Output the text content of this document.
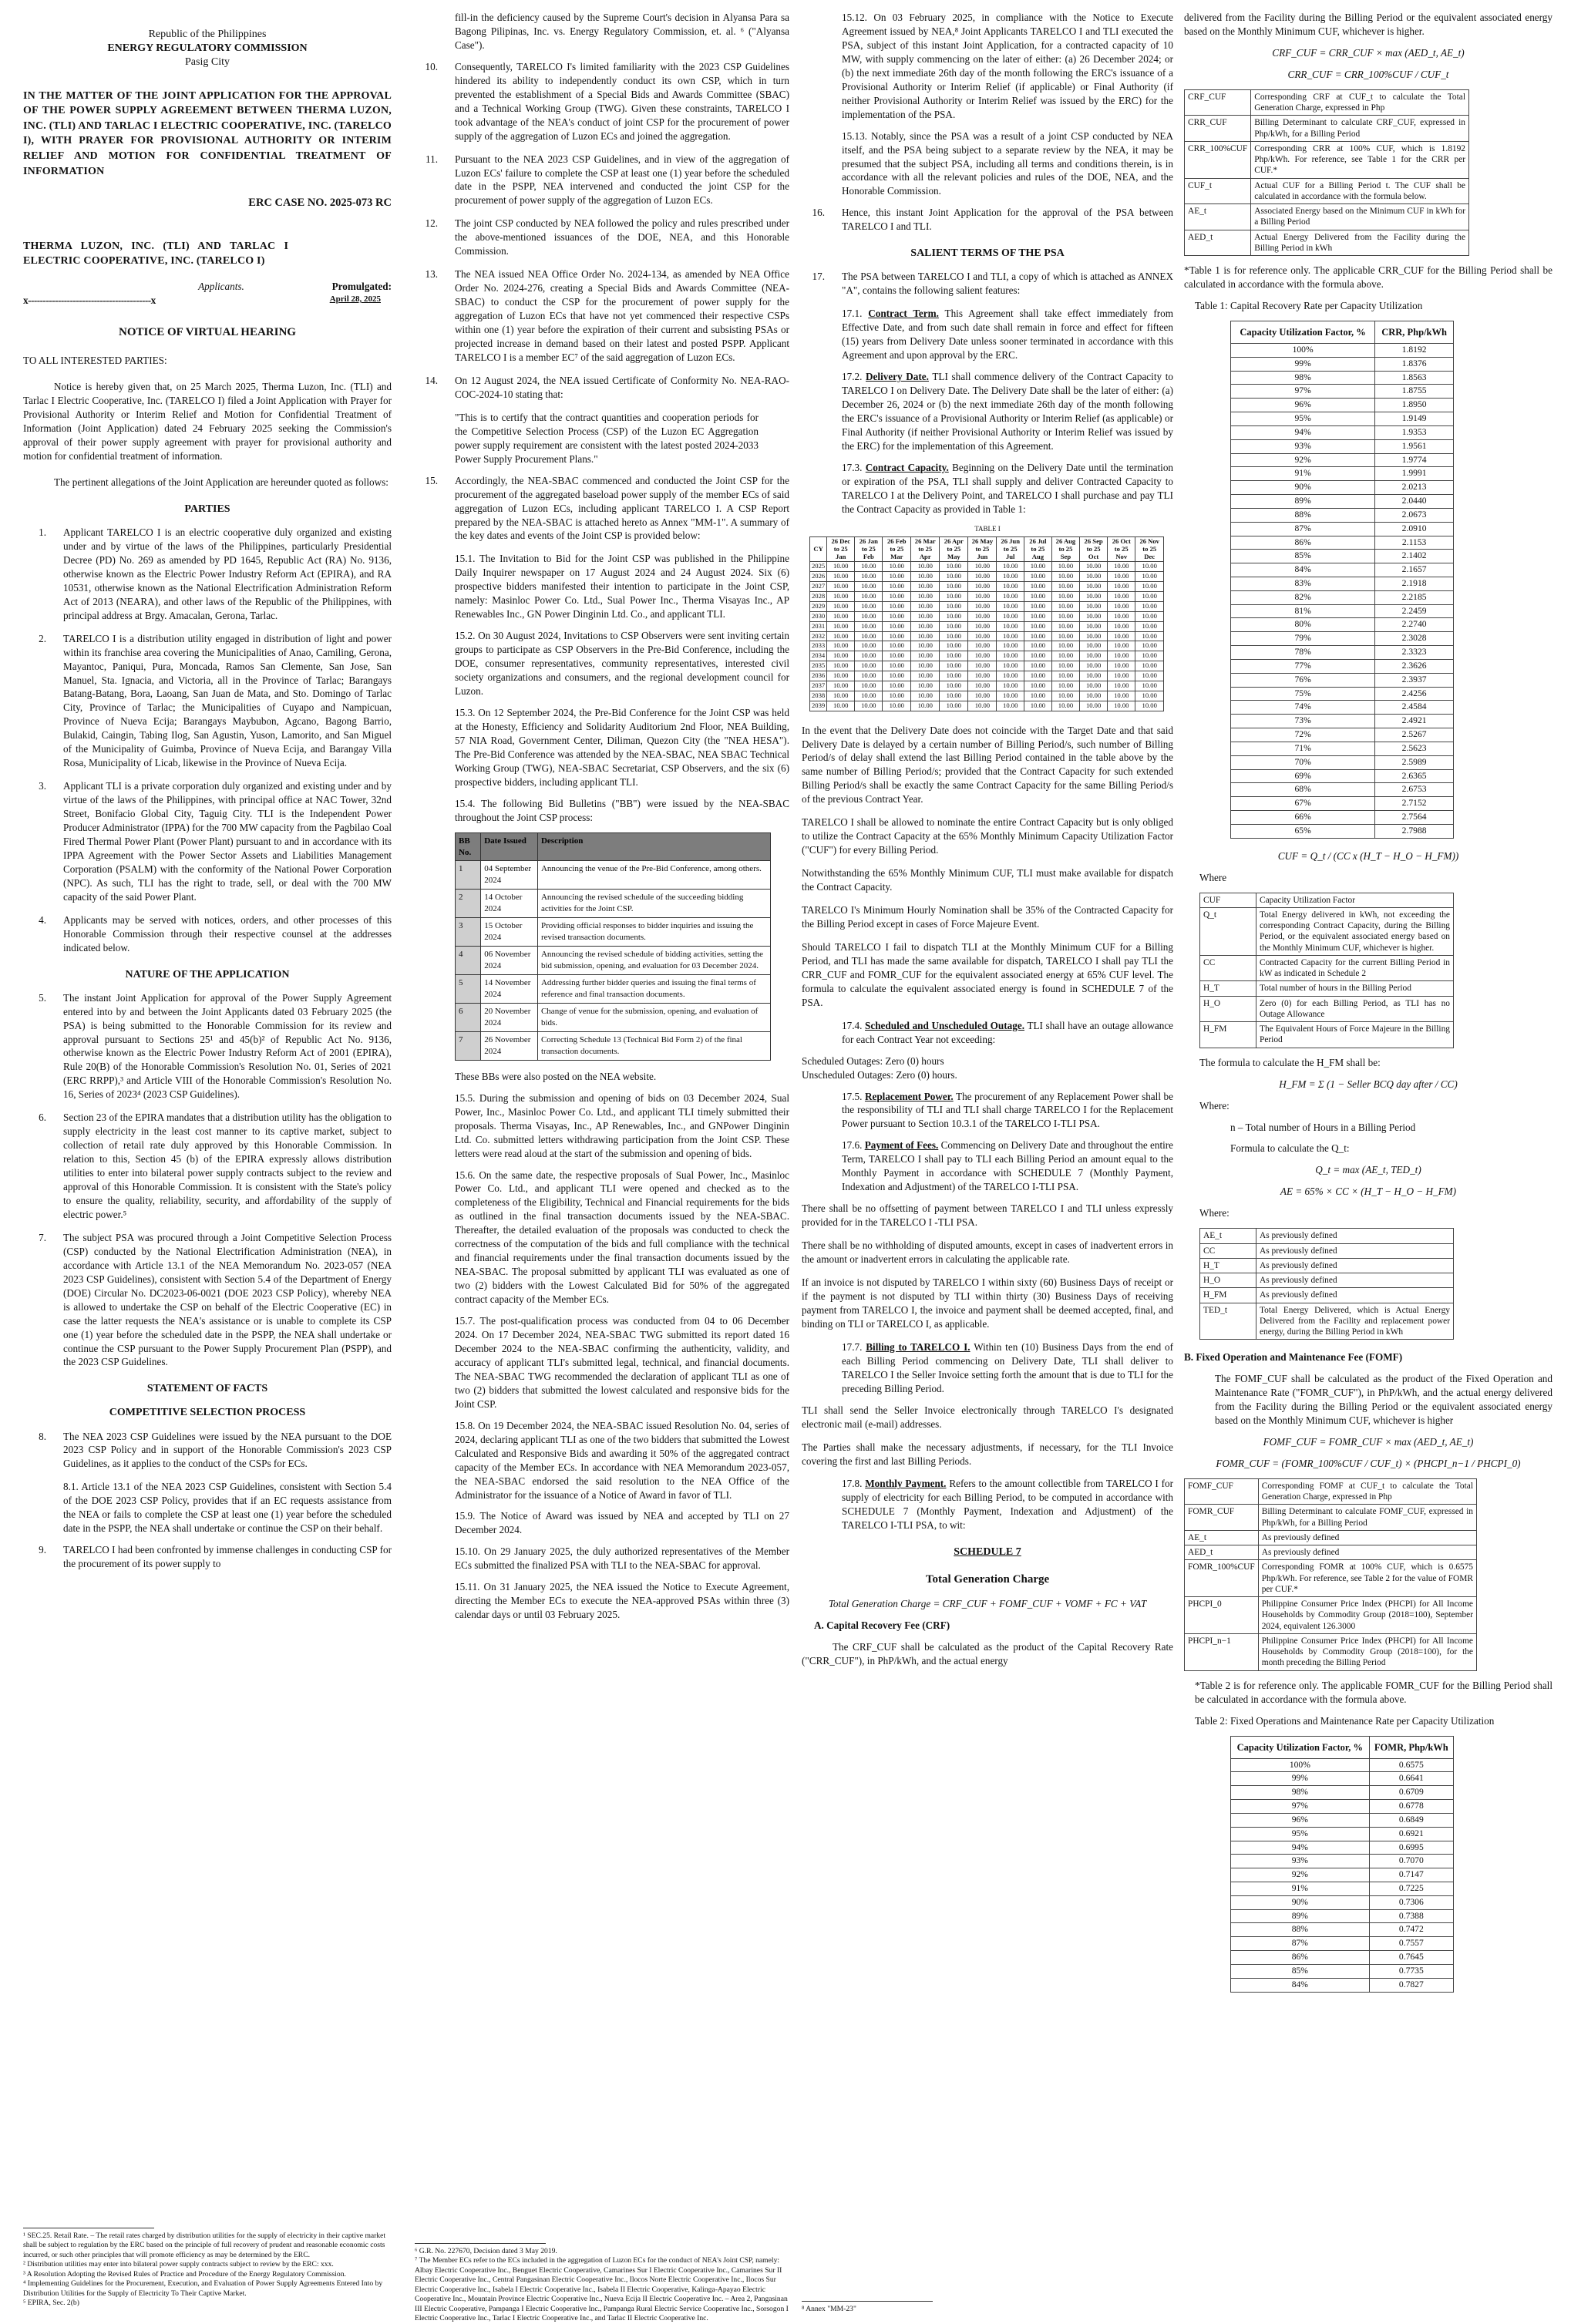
Republic of the Philippines
ENERGY REGULATORY COMMISSION
Pasig City
IN THE MATTER OF THE JOINT APPLICATION FOR THE APPROVAL OF THE POWER SUPPLY AGREEMENT BETWEEN THERMA LUZON, INC. (TLI) AND TARLAC I ELECTRIC COOPERATIVE, INC. (TARELCO I), WITH PRAYER FOR PROVISIONAL AUTHORITY OR INTERIM RELIEF AND MOTION FOR CONFIDENTIAL TREATMENT OF INFORMATION
ERC CASE NO. 2025-073 RC
THERMA LUZON, INC. (TLI) AND TARLAC I ELECTRIC COOPERATIVE, INC. (TARELCO I)
Applicants.	Promulgated:
x-----------------------------------------x	April 28, 2025
NOTICE OF VIRTUAL HEARING

TO ALL INTERESTED PARTIES:

Notice is hereby given that, on 25 March 2025, Therma Luzon, Inc. (TLI) and Tarlac I Electric Cooperative, Inc. (TARELCO I) filed a Joint Application with Prayer for Provisional Authority or Interim Relief and Motion for Confidential Treatment of Information (Joint Application) dated 24 February 2025 seeking the Commission's approval of their power supply agreement with prayer for provisional authority and motion for confidential treatment of information.

The pertinent allegations of the Joint Application are hereunder quoted as follows:

PARTIES
1.	Applicant TARELCO I is an electric cooperative duly organized and existing under and by virtue of the laws of the Philippines, particularly Presidential Decree (PD) No. 269 as amended by PD 1645, Republic Act (RA) No. 9136, otherwise known as the Electric Power Industry Reform Act (EPIRA), and RA 10531, otherwise known as the National Electrification Administration Reform Act of 2013 (NEARA), and other laws of the Republic of the Philippines, with principal address at Brgy. Amacalan, Gerona, Tarlac.
2.	TARELCO I is a distribution utility engaged in distribution of light and power within its franchise area covering the Municipalities of Anao, Camiling, Gerona, Mayantoc, Paniqui, Pura, Moncada, Ramos San Clemente, San Jose, San Manuel, Sta. Ignacia, and Victoria, all in the Province of Tarlac; Barangays Batang-Batang, Bora, Laoang, San Juan de Mata, and Sto. Domingo of Tarlac City, Province of Tarlac; the Municipalities of Cuyapo and Nampicuan, Province of Nueva Ecija; Barangays Maybubon, Agcano, Bagong Barrio, Bulakid, Caingin, Tabing Ilog, San Agustin, Yuson, Lamorito, and San Miguel of the Municipality of Guimba, Province of Nueva Ecija, and Barangay Villa Rosa, Municipality of Licab, likewise in the Province of Nueva Ecija.
3.	Applicant TLI is a private corporation duly organized and existing under and by virtue of the laws of the Philippines, with principal office at NAC Tower, 32nd Street, Bonifacio Global City, Taguig City. TLI is the Independent Power Producer Administrator (IPPA) for the 700 MW capacity from the Pagbilao Coal Fired Thermal Power Plant (Power Plant) pursuant to and in accordance with its IPPA Agreement with the Power Sector Assets and Liabilities Management Corporation (PSALM) with the conformity of the National Power Corporation (NPC). As such, TLI has the right to trade, sell, or deal with the 700 MW capacity of the said Power Plant.
4.	Applicants may be served with notices, orders, and other processes of this Honorable Commission through their respective counsel at the addresses indicated below.
NATURE OF THE APPLICATION
5.	The instant Joint Application for approval of the Power Supply Agreement entered into by and between the Joint Applicants dated 03 February 2025 (the PSA) is being submitted to the Honorable Commission for its review and approval pursuant to Sections 25¹ and 45(b)² of Republic Act No. 9136, otherwise known as the Electric Power Industry Reform Act of 2001 (EPIRA), Rule 20(B) of the Honorable Commission's Resolution No. 01, Series of 2021 (ERC RRPP),³ and Article VIII of the Honorable Commission's Resolution No. 16, Series of 2023⁴ (2023 CSP Guidelines).
6.	Section 23 of the EPIRA mandates that a distribution utility has the obligation to supply electricity in the least cost manner to its captive market, subject to collection of retail rate duly approved by this Honorable Commission. In relation to this, Section 45 (b) of the EPIRA expressly allows distribution utilities to enter into bilateral power supply contracts subject to the review and approval of this Honorable Commission. It is consistent with the State's policy to ensure the quality, reliability, security, and affordability of the supply of electric power.⁵
7.	The subject PSA was procured through a Joint Competitive Selection Process (CSP) conducted by the National Electrification Administration (NEA), in accordance with Article 13.1 of the NEA Memorandum No. 2023-057 (NEA 2023 CSP Guidelines), consistent with Section 5.4 of the Department of Energy (DOE) Circular No. DC2023-06-0021 (DOE 2023 CSP Policy), whereby NEA is allowed to undertake the CSP on behalf of the Electric Cooperative (EC) in case the latter requests the NEA's assistance or is unable to complete its CSP one (1) year before the scheduled date in the PSPP, the NEA shall undertake or continue the CSP pursuant to the Power Supply Procurement Plan (PSPP), and the 2023 CSP Guidelines.
STATEMENT OF FACTS
COMPETITIVE SELECTION PROCESS
8.	The NEA 2023 CSP Guidelines were issued by the NEA pursuant to the DOE 2023 CSP Policy and in support of the Honorable Commission's 2023 CSP Guidelines, as it applies to the conduct of the CSPs for ECs.
8.1. Article 13.1 of the NEA 2023 CSP Guidelines, consistent with Section 5.4 of the DOE 2023 CSP Policy, provides that if an EC requests assistance from the NEA or fails to complete the CSP at least one (1) year before the scheduled date in the PSPP, the NEA shall undertake or continue the CSP on their behalf.
9.	TARELCO I had been confronted by immense challenges in conducting CSP for the procurement of its power supply to
¹ SEC.25. Retail Rate. – The retail rates charged by distribution utilities for the supply of electricity in their captive market shall be subject to regulation by the ERC based on the principle of full recovery of prudent and reasonable economic costs incurred, or such other principles that will promote efficiency as may be determined by the ERC.
² Distribution utilities may enter into bilateral power supply contracts subject to review by the ERC: xxx.
³ A Resolution Adopting the Revised Rules of Practice and Procedure of the Energy Regulatory Commission.
⁴ Implementing Guidelines for the Procurement, Execution, and Evaluation of Power Supply Agreements Entered Into by Distribution Utilities for the Supply of Electricity To Their Captive Market.
⁵ EPIRA, Sec. 2(b)

fill-in the deficiency caused by the Supreme Court's decision in Alyansa Para sa Bagong Pilipinas, Inc. vs. Energy Regulatory Commission, et. al. ⁶ ("Alyansa Case").

10.	Consequently, TARELCO I's limited familiarity with the 2023 CSP Guidelines hindered its ability to independently conduct its own CSP, which in turn prevented the establishment of a Special Bids and Awards Committee (SBAC) and a Technical Working Group (TWG). Given these constraints, TARELCO I took advantage of the NEA's conduct of joint CSP for the procurement of power supply of the aggregation of Luzon ECs and joined the aggregation.
11.	Pursuant to the NEA 2023 CSP Guidelines, and in view of the aggregation of Luzon ECs' failure to complete the CSP at least one (1) year before the scheduled date in the PSPP, NEA intervened and conducted the joint CSP for the procurement of power supply of the aggregation of Luzon ECs.
12.	The joint CSP conducted by NEA followed the policy and rules prescribed under the above-mentioned issuances of the DOE, NEA, and this Honorable Commission.
13.	The NEA issued NEA Office Order No. 2024-134, as amended by NEA Office Order No. 2024-276, creating a Special Bids and Awards Committee (NEA-SBAC) to conduct the CSP for the procurement of power supply for the aggregation of Luzon ECs that have not yet commenced their respective CSPs within one (1) year before the expiration of their current and subsisting PSAs or projected increase in demand based on their latest and posted PSPP. Applicant TARELCO I is a member EC⁷ of the said aggregation of Luzon ECs.
14.	On 12 August 2024, the NEA issued Certificate of Conformity No. NEA-RAO-COC-2024-10 stating that:
"This is to certify that the contract quantities and cooperation periods for the Competitive Selection Process (CSP) of the Luzon EC Aggregation power supply requirement are consistent with the latest posted 2024-2033 Power Supply Procurement Plans."
15.	Accordingly, the NEA-SBAC commenced and conducted the Joint CSP for the procurement of the aggregated baseload power supply of the member ECs of said aggregation of Luzon ECs, including applicant TARELCO I. A CSP Report prepared by the NEA-SBAC is attached hereto as Annex "MM-1". A summary of the key dates and events of the Joint CSP is provided below:
15.1. The Invitation to Bid for the Joint CSP was published in the Philippine Daily Inquirer newspaper on 17 August 2024 and 24 August 2024. Six (6) prospective bidders manifested their intention to participate in the Joint CSP, namely: Masinloc Power Co. Ltd., Sual Power Inc., Therma Visayas Inc., AP Renewables Inc., GN Power Dinginin Ltd. Co., and applicant TLI.
15.2. On 30 August 2024, Invitations to CSP Observers were sent inviting certain groups to participate as CSP Observers in the Pre-Bid Conference, including the DOE, consumer representatives, community representatives, interested civil society organizations and consumers, and the regional development council for Luzon.
15.3. On 12 September 2024, the Pre-Bid Conference for the Joint CSP was held at the Honesty, Efficiency and Solidarity Auditorium 2nd Floor, NEA Building, 57 NIA Road, Government Center, Diliman, Quezon City (the "NEA HESA"). The Pre-Bid Conference was attended by the NEA-SBAC, NEA SBAC Technical Working Group (TWG), NEA-SBAC Secretariat, CSP Observers, and the six (6) prospective bidders, including applicant TLI.
15.4. The following Bid Bulletins ("BB") were issued by the NEA-SBAC throughout the Joint CSP process:
BB No.	Date Issued	Description
1	04 September 2024	Announcing the venue of the Pre-Bid Conference, among others.
2	14 October 2024	Announcing the revised schedule of the succeeding bidding activities for the Joint CSP.
3	15 October 2024	Providing official responses to bidder inquiries and issuing the revised transaction documents.
4	06 November 2024	Announcing the revised schedule of bidding activities, setting the bid submission, opening, and evaluation for 03 December 2024.
5	14 November 2024	Addressing further bidder queries and issuing the final terms of reference and final transaction documents.
6	20 November 2024	Change of venue for the submission, opening, and evaluation of bids.
7	26 November 2024	Correcting Schedule 13 (Technical Bid Form 2) of the final transaction documents.

These BBs were also posted on the NEA website.

15.5. During the submission and opening of bids on 03 December 2024, Sual Power, Inc., Masinloc Power Co. Ltd., and applicant TLI timely submitted their proposals. Therma Visayas, Inc., AP Renewables, Inc., and GNPower Dinginin Ltd. Co. submitted letters withdrawing participation from the Joint CSP. These letters were read aloud at the start of the submission and opening of bids.
15.6. On the same date, the respective proposals of Sual Power, Inc., Masinloc Power Co. Ltd., and applicant TLI were opened and checked as to the completeness of the Eligibility, Technical and Financial requirements for the bids as outlined in the final transaction documents issued by the NEA-SBAC. Thereafter, the detailed evaluation of the proposals was conducted to check the correctness of the computation of the bids and full compliance with the technical and financial requirements under the final transaction documents issued by the NEA-SBAC. The proposal submitted by applicant TLI was evaluated as one of two (2) bidders with the Lowest Calculated Bid for 50% of the aggregated contract capacity of the Member ECs.
15.7. The post-qualification process was conducted from 04 to 06 December 2024. On 17 December 2024, NEA-SBAC TWG submitted its report dated 16 December 2024 to the NEA-SBAC confirming the authenticity, validity, and accuracy of applicant TLI's submitted legal, technical, and financial documents. The NEA-SBAC TWG recommended the declaration of applicant TLI as one of two (2) bidders that submitted the lowest calculated and responsive bids for the Joint CSP.
15.8. On 19 December 2024, the NEA-SBAC issued Resolution No. 04, series of 2024, declaring applicant TLI as one of the two bidders that submitted the Lowest Calculated and Responsive Bids and awarding it 50% of the aggregated contract capacity of the Member ECs. In accordance with NEA Memorandum 2023-057, the NEA-SBAC endorsed the said resolution to the NEA Office of the Administrator for the issuance of a Notice of Award in favor of TLI.
15.9. The Notice of Award was issued by NEA and accepted by TLI on 27 December 2024.
15.10. On 29 January 2025, the duly authorized representatives of the Member ECs submitted the finalized PSA with TLI to the NEA-SBAC for approval.
15.11. On 31 January 2025, the NEA issued the Notice to Execute Agreement, directing the Member ECs to execute the NEA-approved PSAs within three (3) calendar days or until 03 February 2025.
⁶ G.R. No. 227670, Decision dated 3 May 2019.
⁷ The Member ECs refer to the ECs included in the aggregation of Luzon ECs for the conduct of NEA's Joint CSP, namely: Albay Electric Cooperative Inc., Benguet Electric Cooperative, Camarines Sur I Electric Cooperative Inc., Camarines Sur II Electric Cooperative Inc., Central Pangasinan Electric Cooperative Inc., Ilocos Norte Electric Cooperative Inc., Ilocos Sur Electric Cooperative Inc., Isabela I Electric Cooperative Inc., Isabela II Electric Cooperative, Kalinga-Apayao Electric Cooperative Inc., Mountain Province Electric Cooperative Inc., Nueva Ecija II Electric Cooperative Inc. – Area 2, Pangasinan III Electric Cooperative, Pampanga I Electric Cooperative Inc., Pampanga Rural Electric Service Cooperative Inc., Sorsogon I Electric Cooperative Inc., Tarlac I Electric Cooperative Inc., and Tarlac II Electric Cooperative Inc.
15.12. On 03 February 2025, in compliance with the Notice to Execute Agreement issued by NEA,⁸ Joint Applicants TARELCO I and TLI executed the PSA, subject of this instant Joint Application, for a contracted capacity of 10 MW, with supply commencing on the later of either: (a) 26 December 2024; or (b) the next immediate 26th day of the month following the ERC's issuance of a Provisional Authority or Interim Relief (if applicable) or Final Authority (if neither Provisional Authority or Interim Relief was issued by the ERC) for the implementation of the PSA.
15.13. Notably, since the PSA was a result of a joint CSP conducted by NEA itself, and the PSA being subject to a separate review by the NEA, it may be presumed that the subject PSA, including all terms and conditions therein, is in accordance with all the relevant policies and rules of the DOE, NEA, and the Honorable Commission.
16.	Hence, this instant Joint Application for the approval of the PSA between TARELCO I and TLI.
SALIENT TERMS OF THE PSA
17.	The PSA between TARELCO I and TLI, a copy of which is attached as ANNEX "A", contains the following salient features:
17.1. Contract Term. This Agreement shall take effect immediately from Effective Date, and from such date shall remain in force and effect for fifteen (15) years from Delivery Date unless sooner terminated in accordance with this Agreement and upon approval by the ERC.
17.2. Delivery Date. TLI shall commence delivery of the Contract Capacity to TARELCO I on Delivery Date. The Delivery Date shall be the later of either: (a) December 26, 2024 or (b) the next immediate 26th day of the month following the ERC's issuance of a Provisional Authority or Interim Relief (as applicable) or Final Authority (if neither Provisional Authority or Interim Relief was issued by the ERC) for the implementation of this Agreement.
17.3. Contract Capacity. Beginning on the Delivery Date until the termination or expiration of the PSA, TLI shall supply and deliver Contracted Capacity to TARELCO I at the Delivery Point, and TARELCO I shall purchase and pay TLI the Contract Capacity as provided in Table 1:
TABLE I
CY	26 Dec to 25 Jan	26 Jan to 25 Feb	26 Feb to 25 Mar	26 Mar to 25 Apr	26 Apr to 25 May	26 May to 25 Jun	26 Jun to 25 Jul	26 Jul to 25 Aug	26 Aug to 25 Sep	26 Sep to 25 Oct	26 Oct to 25 Nov	26 Nov to 25 Dec
2025	10.00	10.00	10.00	10.00	10.00	10.00	10.00	10.00	10.00	10.00	10.00	10.00
2026	10.00	10.00	10.00	10.00	10.00	10.00	10.00	10.00	10.00	10.00	10.00	10.00
2027	10.00	10.00	10.00	10.00	10.00	10.00	10.00	10.00	10.00	10.00	10.00	10.00
2028	10.00	10.00	10.00	10.00	10.00	10.00	10.00	10.00	10.00	10.00	10.00	10.00
2029	10.00	10.00	10.00	10.00	10.00	10.00	10.00	10.00	10.00	10.00	10.00	10.00
2030	10.00	10.00	10.00	10.00	10.00	10.00	10.00	10.00	10.00	10.00	10.00	10.00
2031	10.00	10.00	10.00	10.00	10.00	10.00	10.00	10.00	10.00	10.00	10.00	10.00
2032	10.00	10.00	10.00	10.00	10.00	10.00	10.00	10.00	10.00	10.00	10.00	10.00
2033	10.00	10.00	10.00	10.00	10.00	10.00	10.00	10.00	10.00	10.00	10.00	10.00
2034	10.00	10.00	10.00	10.00	10.00	10.00	10.00	10.00	10.00	10.00	10.00	10.00
2035	10.00	10.00	10.00	10.00	10.00	10.00	10.00	10.00	10.00	10.00	10.00	10.00
2036	10.00	10.00	10.00	10.00	10.00	10.00	10.00	10.00	10.00	10.00	10.00	10.00
2037	10.00	10.00	10.00	10.00	10.00	10.00	10.00	10.00	10.00	10.00	10.00	10.00
2038	10.00	10.00	10.00	10.00	10.00	10.00	10.00	10.00	10.00	10.00	10.00	10.00
2039	10.00	10.00	10.00	10.00	10.00	10.00	10.00	10.00	10.00	10.00	10.00	10.00
In the event that the Delivery Date does not coincide with the Target Date and that said Delivery Date is delayed by a certain number of Billing Period/s, such number of Billing Period/s of delay shall extend the last Billing Period contained in the table above by the same number of Billing Period/s; provided that the Contract Capacity for such extended Billing Period/s shall be exactly the same Contract Capacity for the same Billing Period/s of the previous Contract Year.
TARELCO I shall be allowed to nominate the entire Contract Capacity but is only obliged to utilize the Contract Capacity at the 65% Monthly Minimum Capacity Utilization Factor ("CUF") for every Billing Period.
Notwithstanding the 65% Monthly Minimum CUF, TLI must make available for dispatch the Contract Capacity.
TARELCO I's Minimum Hourly Nomination shall be 35% of the Contracted Capacity for the Billing Period except in cases of Force Majeure Event.
Should TARELCO I fail to dispatch TLI at the Monthly Minimum CUF for a Billing Period, and TLI has made the same available for dispatch, TARELCO I shall pay TLI the CRR_CUF and FOMR_CUF for the equivalent associated energy at 65% CUF level. The formula to calculate the equivalent associated energy is found in SCHEDULE 7 of the PSA.
17.4. Scheduled and Unscheduled Outage. TLI shall have an outage allowance for each Contract Year not exceeding:
Scheduled Outages: Zero (0) hours
Unscheduled Outages: Zero (0) hours.
17.5. Replacement Power. The procurement of any Replacement Power shall be the responsibility of TLI and TLI shall charge TARELCO I for the Replacement Power pursuant to Section 10.3.1 of the TARELCO I-TLI PSA.
17.6. Payment of Fees. Commencing on Delivery Date and throughout the entire Term, TARELCO I shall pay to TLI each Billing Period an amount equal to the Monthly Payment in accordance with SCHEDULE 7 (Monthly Payment, Indexation and Adjustment) of the TARELCO I-TLI PSA.
There shall be no offsetting of payment between TARELCO I and TLI unless expressly provided for in the TARELCO I -TLI PSA.
There shall be no withholding of disputed amounts, except in cases of inadvertent errors in the amount or inadvertent errors in calculating the applicable rate.
If an invoice is not disputed by TARELCO I within sixty (60) Business Days of receipt or if the payment is not disputed by TLI within thirty (30) Business Days of receiving payment from TARELCO I, the invoice and payment shall be deemed accepted, final, and binding on TLI or TARELCO I, as applicable.
17.7. Billing to TARELCO I. Within ten (10) Business Days from the end of each Billing Period commencing on Delivery Date, TLI shall deliver to TARELCO I the Seller Invoice setting forth the amount that is due to TLI for the preceding Billing Period.
TLI shall send the Seller Invoice electronically through TARELCO I's designated electronic mail (e-mail) addresses.
The Parties shall make the necessary adjustments, if necessary, for the TLI Invoice covering the first and last Billing Periods.
17.8. Monthly Payment. Refers to the amount collectible from TARELCO I for supply of electricity for each Billing Period, to be computed in accordance with SCHEDULE 7 (Monthly Payment, Indexation and Adjustment) of the TARELCO I-TLI PSA, to wit:
SCHEDULE 7
Total Generation Charge
Total Generation Charge = CRF_CUF + FOMF_CUF + VOMF + FC + VAT
A. Capital Recovery Fee (CRF)

The CRF_CUF shall be calculated as the product of the Capital Recovery Rate ("CRR_CUF"), in PhP/kWh, and the actual energy

⁸ Annex "MM-23"

delivered from the Facility during the Billing Period or the equivalent associated energy based on the Monthly Minimum CUF, whichever is higher.

CRF_CUF = CRR_CUF × max (AED_t, AE_t)
CRR_CUF = CRR_100%CUF / CUF_t
CRF_CUF	Corresponding CRF at CUF_t to calculate the Total Generation Charge, expressed in Php
CRR_CUF	Billing Determinant to calculate CRF_CUF, expressed in Php/kWh, for a Billing Period
CRR_100%CUF	Corresponding CRR at 100% CUF, which is 1.8192 Php/kWh. For reference, see Table 1 for the CRR per CUF.*
CUF_t	Actual CUF for a Billing Period t. The CUF shall be calculated in accordance with the formula below.
AE_t	Associated Energy based on the Minimum CUF in kWh for a Billing Period
AED_t	Actual Energy Delivered from the Facility during the Billing Period in kWh

*Table 1 is for reference only. The applicable CRR_CUF for the Billing Period shall be calculated in accordance with the formula above.

Table 1: Capital Recovery Rate per Capacity Utilization

Capacity Utilization Factor, %	CRR, Php/kWh
100%	1.8192
99%	1.8376
98%	1.8563
97%	1.8755
96%	1.8950
95%	1.9149
94%	1.9353
93%	1.9561
92%	1.9774
91%	1.9991
90%	2.0213
89%	2.0440
88%	2.0673
87%	2.0910
86%	2.1153
85%	2.1402
84%	2.1657
83%	2.1918
82%	2.2185
81%	2.2459
80%	2.2740
79%	2.3028
78%	2.3323
77%	2.3626
76%	2.3937
75%	2.4256
74%	2.4584
73%	2.4921
72%	2.5267
71%	2.5623
70%	2.5989
69%	2.6365
68%	2.6753
67%	2.7152
66%	2.7564
65%	2.7988
CUF = Q_t / (CC x (H_T − H_O − H_FM))

Where

CUF	Capacity Utilization Factor
Q_t	Total Energy delivered in kWh, not exceeding the corresponding Contract Capacity, during the Billing Period, or the equivalent associated energy based on the Monthly Minimum CUF, whichever is higher.
CC	Contracted Capacity for the current Billing Period in kW as indicated in Schedule 2
H_T	Total number of hours in the Billing Period
H_O	Zero (0) for each Billing Period, as TLI has no Outage Allowance
H_FM	The Equivalent Hours of Force Majeure in the Billing Period

The formula to calculate the H_FM shall be:

H_FM = Σ (1 − Seller BCQ day after / CC)

Where:

n – Total number of Hours in a Billing Period

Formula to calculate the Q_t:

Q_t = max (AE_t, TED_t)
AE = 65% × CC × (H_T − H_O − H_FM)

Where:

AE_t	As previously defined
CC	As previously defined
H_T	As previously defined
H_O	As previously defined
H_FM	As previously defined
TED_t	Total Energy Delivered, which is Actual Energy Delivered from the Facility and replacement power energy, during the Billing Period in kWh
B. Fixed Operation and Maintenance Fee (FOMF)

The FOMF_CUF shall be calculated as the product of the Fixed Operation and Maintenance Rate ("FOMR_CUF"), in PhP/kWh, and the actual energy delivered from the Facility during the Billing Period or the equivalent associated energy based on the Monthly Minimum CUF, whichever is higher

FOMF_CUF = FOMR_CUF × max (AED_t, AE_t)
FOMR_CUF = (FOMR_100%CUF / CUF_t) × (PHCPI_n−1 / PHCPI_0)
FOMF_CUF	Corresponding FOMF at CUF_t to calculate the Total Generation Charge, expressed in Php
FOMR_CUF	Billing Determinant to calculate FOMF_CUF, expressed in Php/kWh, for a Billing Period
AE_t	As previously defined
AED_t	As previously defined
FOMR_100%CUF	Corresponding FOMR at 100% CUF, which is 0.6575 Php/kWh. For reference, see Table 2 for the value of FOMR per CUF.*
PHCPI_0	Philippine Consumer Price Index (PHCPI) for All Income Households by Commodity Group (2018=100), September 2024, equivalent 126.3000
PHCPI_n−1	Philippine Consumer Price Index (PHCPI) for All Income Households by Commodity Group (2018=100), for the month preceding the Billing Period

*Table 2 is for reference only. The applicable FOMR_CUF for the Billing Period shall be calculated in accordance with the formula above.

Table 2: Fixed Operations and Maintenance Rate per Capacity Utilization

Capacity Utilization Factor, %	FOMR, Php/kWh
100%	0.6575
99%	0.6641
98%	0.6709
97%	0.6778
96%	0.6849
95%	0.6921
94%	0.6995
93%	0.7070
92%	0.7147
91%	0.7225
90%	0.7306
89%	0.7388
88%	0.7472
87%	0.7557
86%	0.7645
85%	0.7735
84%	0.7827
